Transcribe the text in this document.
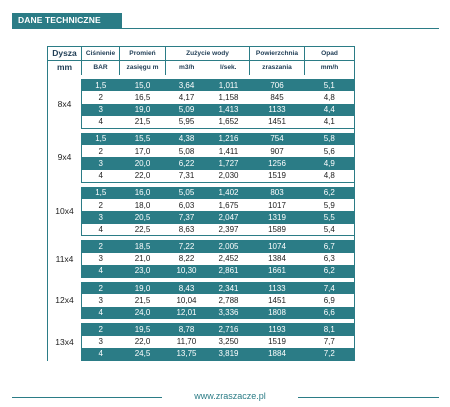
DANE TECHNICZNE
Dysza	Ciśnienie	Promień	Zużycie wody		Powierzchnia	Opad
mm	BAR	zasięgu m	m3/h	l/sek.	zraszania	mm/h

8x4	1,5	15,0	3,64	1,011	706	5,1
	2	16,5	4,17	1,158	845	4,8
	3	19,0	5,09	1,413	1133	4,4
	4	21,5	5,95	1,652	1451	4,1

9x4	1,5	15,5	4,38	1,216	754	5,8
	2	17,0	5,08	1,411	907	5,6
	3	20,0	6,22	1,727	1256	4,9
	4	22,0	7,31	2,030	1519	4,8

10x4	1,5	16,0	5,05	1,402	803	6,2
	2	18,0	6,03	1,675	1017	5,9
	3	20,5	7,37	2,047	1319	5,5
	4	22,5	8,63	2,397	1589	5,4

11x4	2	18,5	7,22	2,005	1074	6,7
	3	21,0	8,22	2,452	1384	6,3
	4	23,0	10,30	2,861	1661	6,2

12x4	2	19,0	8,43	2,341	1133	7,4
	3	21,5	10,04	2,788	1451	6,9
	4	24,0	12,01	3,336	1808	6,6

13x4	2	19,5	8,78	2,716	1193	8,1
	3	22,0	11,70	3,250	1519	7,7
	4	24,5	13,75	3,819	1884	7,2
www.zraszacze.pl
